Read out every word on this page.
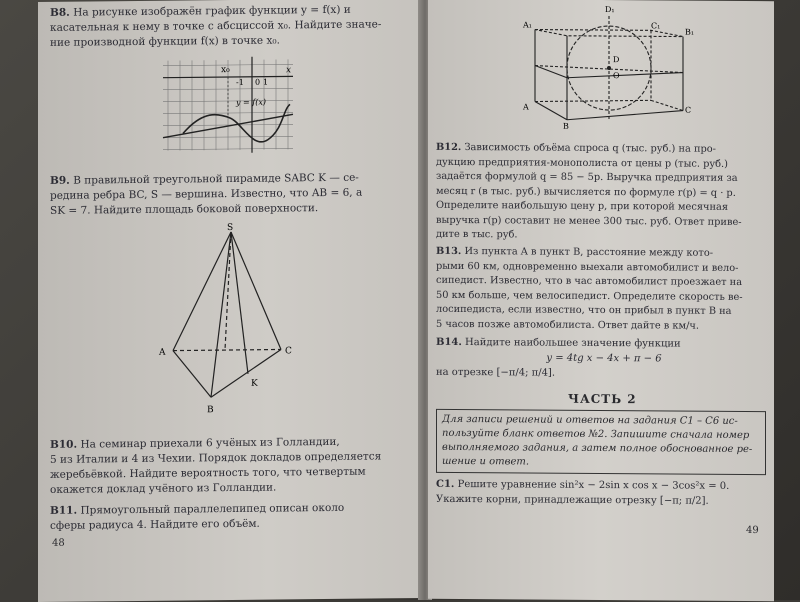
B8. На рисунке изображён график функции y = f(x) и
касательная к нему в точке с абсциссой x₀. Найдите значе-
ние производной функции f(x) в точке x₀.
x₀
-1 0 1
x
y = f(x)
B9. В правильной треугольной пирамиде SABC K — се-
редина ребра BC, S — вершина. Известно, что AB = 6, а
SK = 7. Найдите площадь боковой поверхности.
S
A	C
B
K
B10. На семинар приехали 6 учёных из Голландии,
5 из Италии и 4 из Чехии. Порядок докладов определяется
жеребьёвкой. Найдите вероятность того, что четвертым
окажется доклад учёного из Голландии.
B11. Прямоугольный параллелепипед описан около
сферы радиуса 4. Найдите его объём.
48
D₁
A₁	C₁
B₁
D
A	C
B
O
B12. Зависимость объёма спроса q (тыс. руб.) на про-
дукцию предприятия-монополиста от цены p (тыс. руб.)
задаётся формулой q = 85 − 5p. Выручка предприятия за
месяц r (в тыс. руб.) вычисляется по формуле r(p) = q · p.
Определите наибольшую цену p, при которой месячная
выручка r(p) составит не менее 300 тыс. руб. Ответ приве-
дите в тыс. руб.
B13. Из пункта A в пункт B, расстояние между кото-
рыми 60 км, одновременно выехали автомобилист и вело-
сипедист. Известно, что в час автомобилист проезжает на
50 км больше, чем велосипедист. Определите скорость ве-
лосипедиста, если известно, что он прибыл в пункт B на
5 часов позже автомобилиста. Ответ дайте в км/ч.
B14. Найдите наибольшее значение функции
y = 4tg x − 4x + π − 6
на отрезке [−π/4; π/4].
ЧАСТЬ 2
Для записи решений и ответов на задания C1 – C6 ис-
пользуйте бланк ответов №2. Запишите сначала номер
выполняемого задания, а затем полное обоснованное ре-
шение и ответ.
C1. Решите уравнение sin²x − 2sin x cos x − 3cos²x = 0.
Укажите корни, принадлежащие отрезку [−π; π/2].
49
